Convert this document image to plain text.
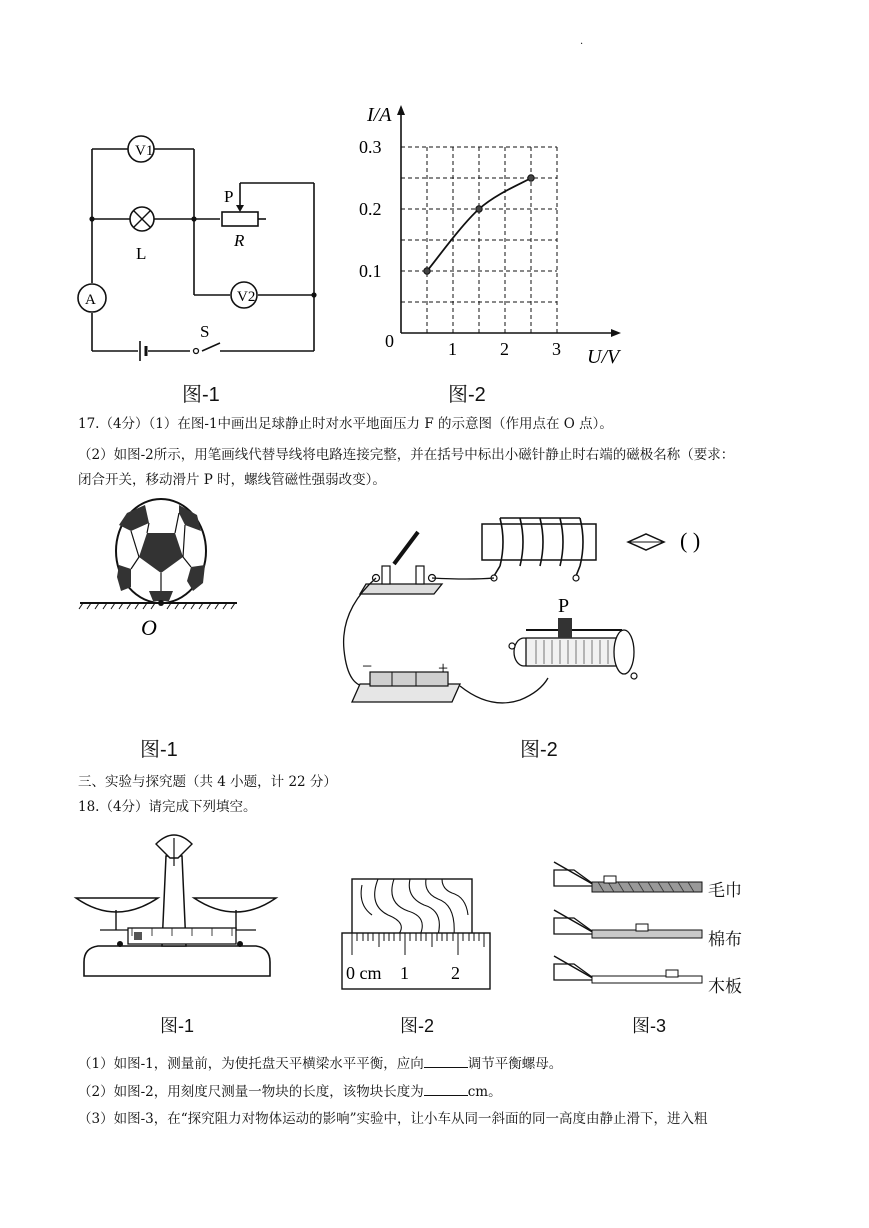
.
V1
L
A	V2
P
R
S
图-1
1 2 3
0.1
0.2
0.3
I/A
U/V
0
图-2
17.（4分）（1）在图-1中画出足球静止时对水平地面压力 F 的示意图（作用点在 O 点）。
（2）如图-2所示，用笔画线代替导线将电路连接完整，并在括号中标出小磁针静止时右端的磁极名称（要求：
闭合开关，移动滑片 P 时，螺线管磁性强弱改变）。
O
图-1
( )
−	+
P
图-2
三、实验与探究题（共 4 小题，计 22 分）
18.（4分）请完成下列填空。
图-1
0 cm 1 2
图-2
毛巾
棉布
木板
图-3
（1）如图-1，测量前，为使托盘天平横梁水平平衡，应向	调节平衡螺母。
（2）如图-2，用刻度尺测量一物块的长度，该物块长度为	cm。
（3）如图-3，在“探究阻力对物体运动的影响”实验中，让小车从同一斜面的同一高度由静止滑下，进入粗
